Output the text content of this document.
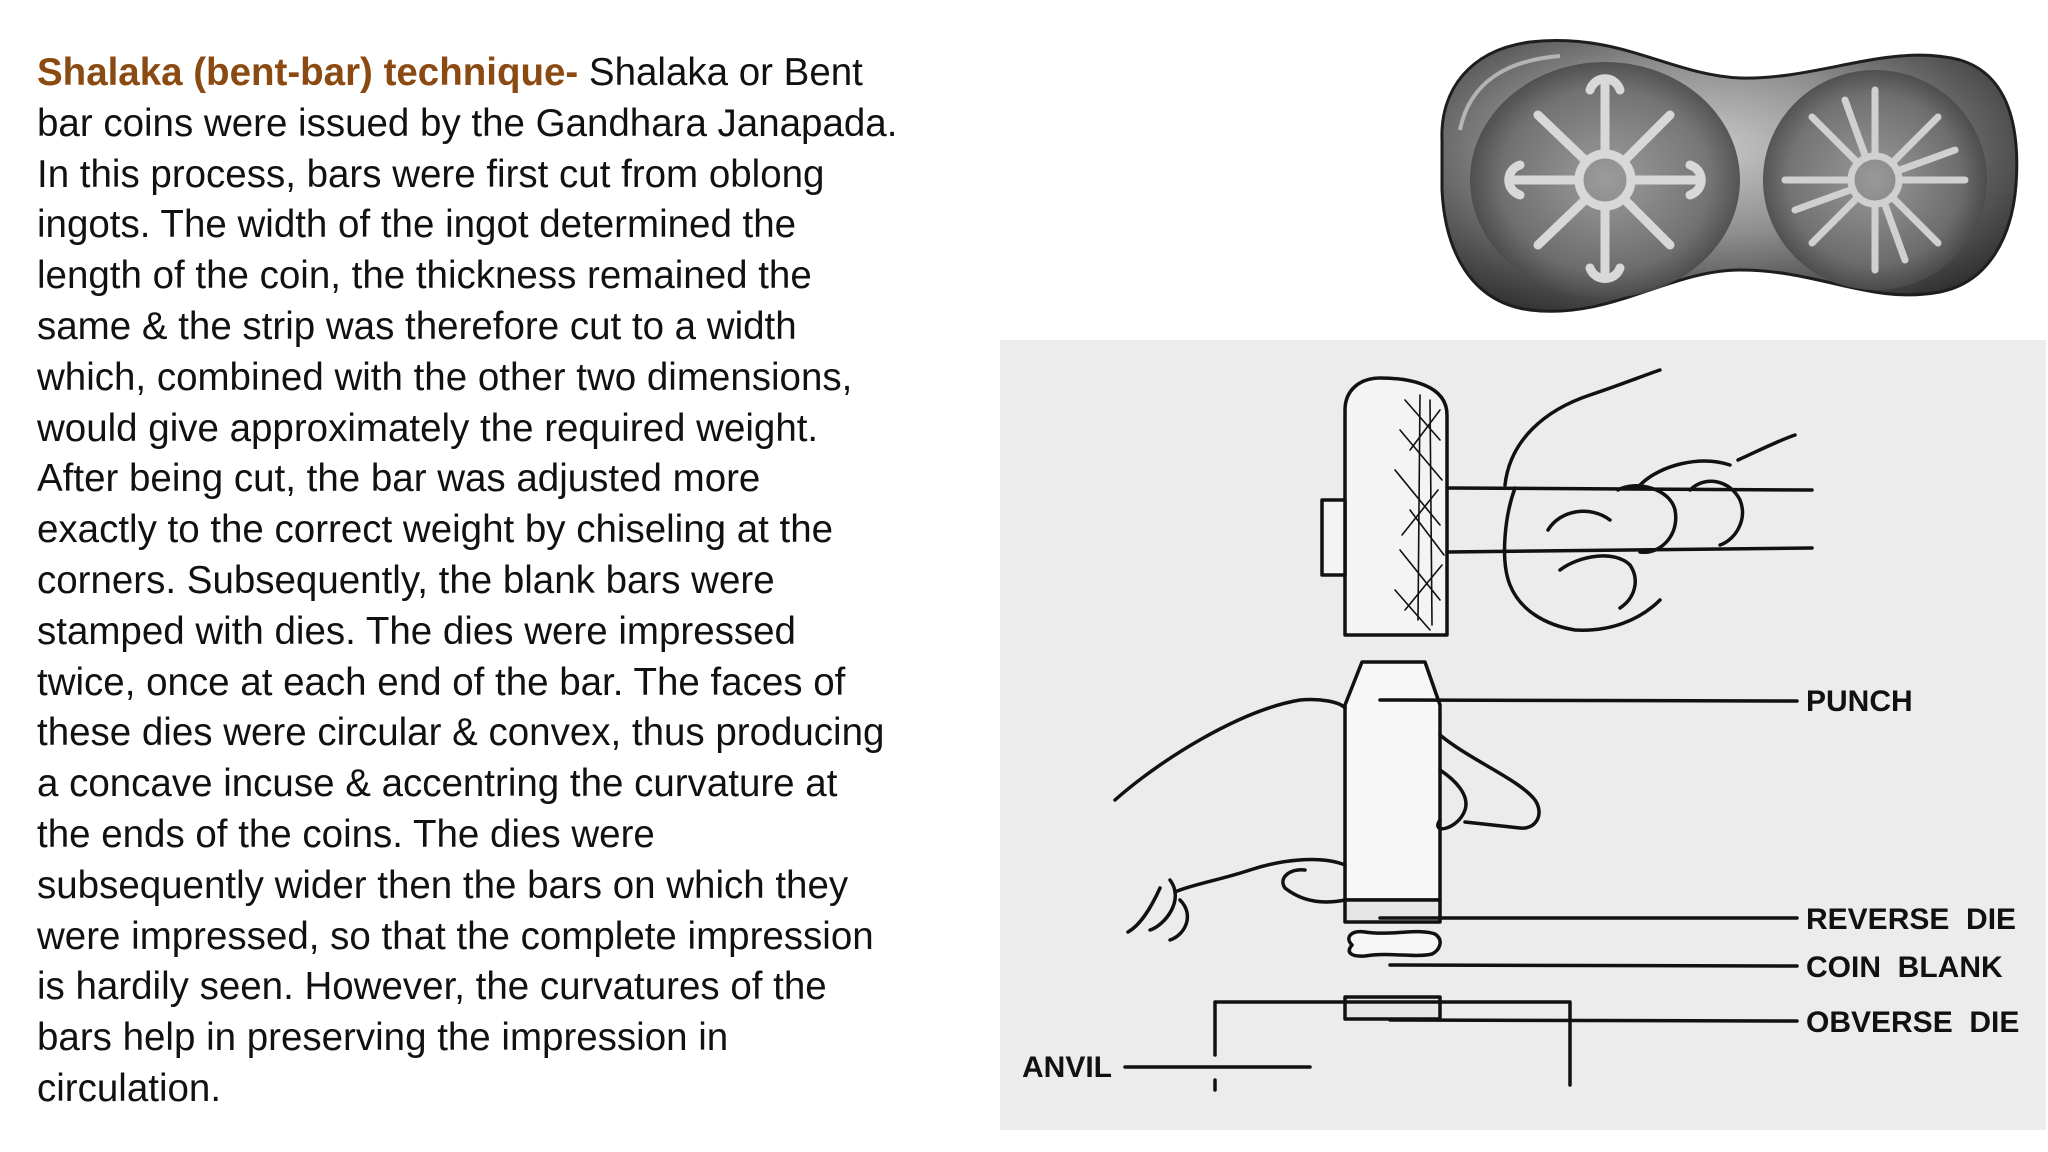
Shalaka (bent-bar) technique- Shalaka or Bent
bar coins were issued by the Gandhara Janapada.
In this process, bars were first cut from oblong
ingots. The width of the ingot determined the
length of the coin, the thickness remained the
same & the strip was therefore cut to a width
which, combined with the other two dimensions,
would give approximately the required weight.
After being cut, the bar was adjusted more
exactly to the correct weight by chiseling at the
corners. Subsequently, the blank bars were
stamped with dies. The dies were impressed
twice, once at each end of the bar. The faces of
these dies were circular & convex, thus producing
a concave incuse & accentring the curvature at
the ends of the coins. The dies were
subsequently wider then the bars on which they
were impressed, so that the complete impression
is hardily seen. However, the curvatures of the
bars help in preserving the impression in
circulation.
PUNCH
REVERSE  DIE
COIN  BLANK
OBVERSE  DIE
ANVIL
